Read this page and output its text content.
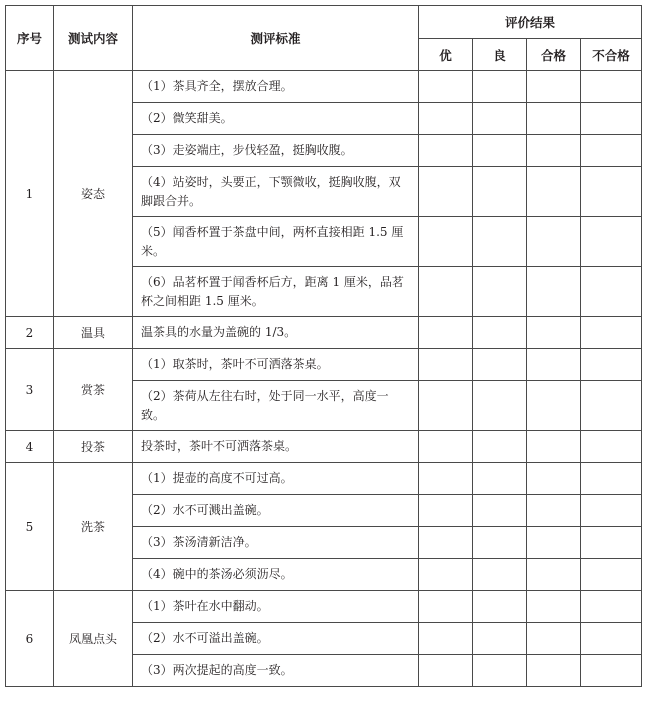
序号	测试内容	测评标准	评价结果			
			优	良	合格	不合格
1	姿态	（1）茶具齐全，摆放合理。				
		（2）微笑甜美。				
		（3）走姿端庄，步伐轻盈，挺胸收腹。				
		（4）站姿时，头要正，下颚微收，挺胸收腹，双脚跟合并。				
		（5）闻香杯置于茶盘中间，两杯直接相距 1.5 厘米。				
		（6）品茗杯置于闻香杯后方，距离 1 厘米，品茗杯之间相距 1.5 厘米。				
2	温具	温茶具的水量为盖碗的 1/3。				
3	赏茶	（1）取茶时，茶叶不可洒落茶桌。				
		（2）茶荷从左往右时，处于同一水平，高度一致。				
4	投茶	投茶时，茶叶不可洒落茶桌。				
5	洗茶	（1）提壶的高度不可过高。				
		（2）水不可溅出盖碗。				
		（3）茶汤清新洁净。				
		（4）碗中的茶汤必须沥尽。				
6	凤凰点头	（1）茶叶在水中翻动。				
		（2）水不可溢出盖碗。				
		（3）两次提起的高度一致。				
